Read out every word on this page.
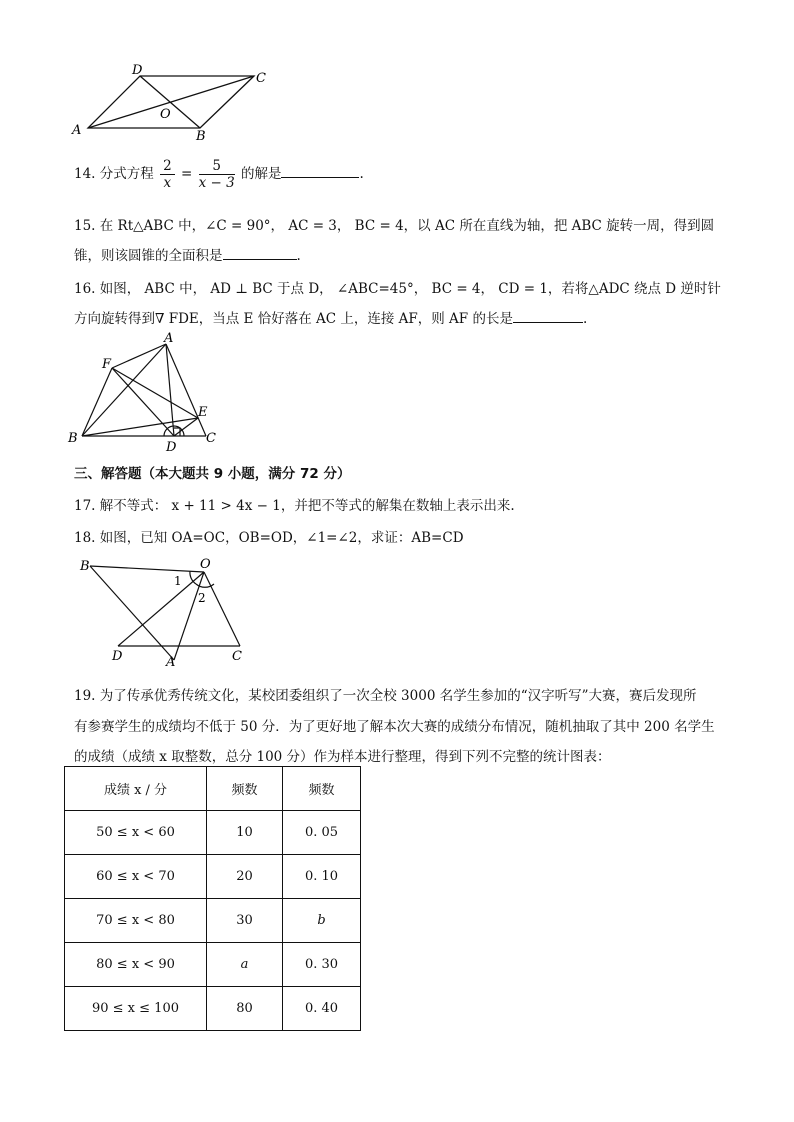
D
C
A	B
O
14. 分式方程 $\frac{2}{x} = \frac{5}{x - 3}$ 的解是	.
15. 在 Rt△ABC 中，∠C = 90°， AC = 3， BC = 4，以 AC 所在直线为轴，把 ABC 旋转一周，得到圆
锥，则该圆锥的全面积是	.
16. 如图， ABC 中， AD ⊥ BC 于点 D， ∠ABC=45°， BC = 4， CD = 1，若将△ADC 绕点 D 逆时针
方向旋转得到∇ FDE，当点 E 恰好落在 AC 上，连接 AF，则 AF 的长是	.
A
F
E
B
D
C
三、解答题（本大题共 9 小题，满分 72 分）
17. 解不等式： x + 11 > 4x − 1，并把不等式的解集在数轴上表示出来.
18. 如图，已知 OA=OC，OB=OD，∠1=∠2，求证：AB=CD
B	O
1
2
D	A	C
19. 为了传承优秀传统文化，某校团委组织了一次全校 3000 名学生参加的“汉字听写”大赛，赛后发现所
有参赛学生的成绩均不低于 50 分．为了更好地了解本次大赛的成绩分布情况，随机抽取了其中 200 名学生
的成绩（成绩 x 取整数，总分 100 分）作为样本进行整理，得到下列不完整的统计图表：
成绩 x / 分	频数	频数
50 ≤ x < 60	10	0. 05
60 ≤ x < 70	20	0. 10
70 ≤ x < 80	30	b
80 ≤ x < 90	a	0. 30
90 ≤ x ≤ 100	80	0. 40
